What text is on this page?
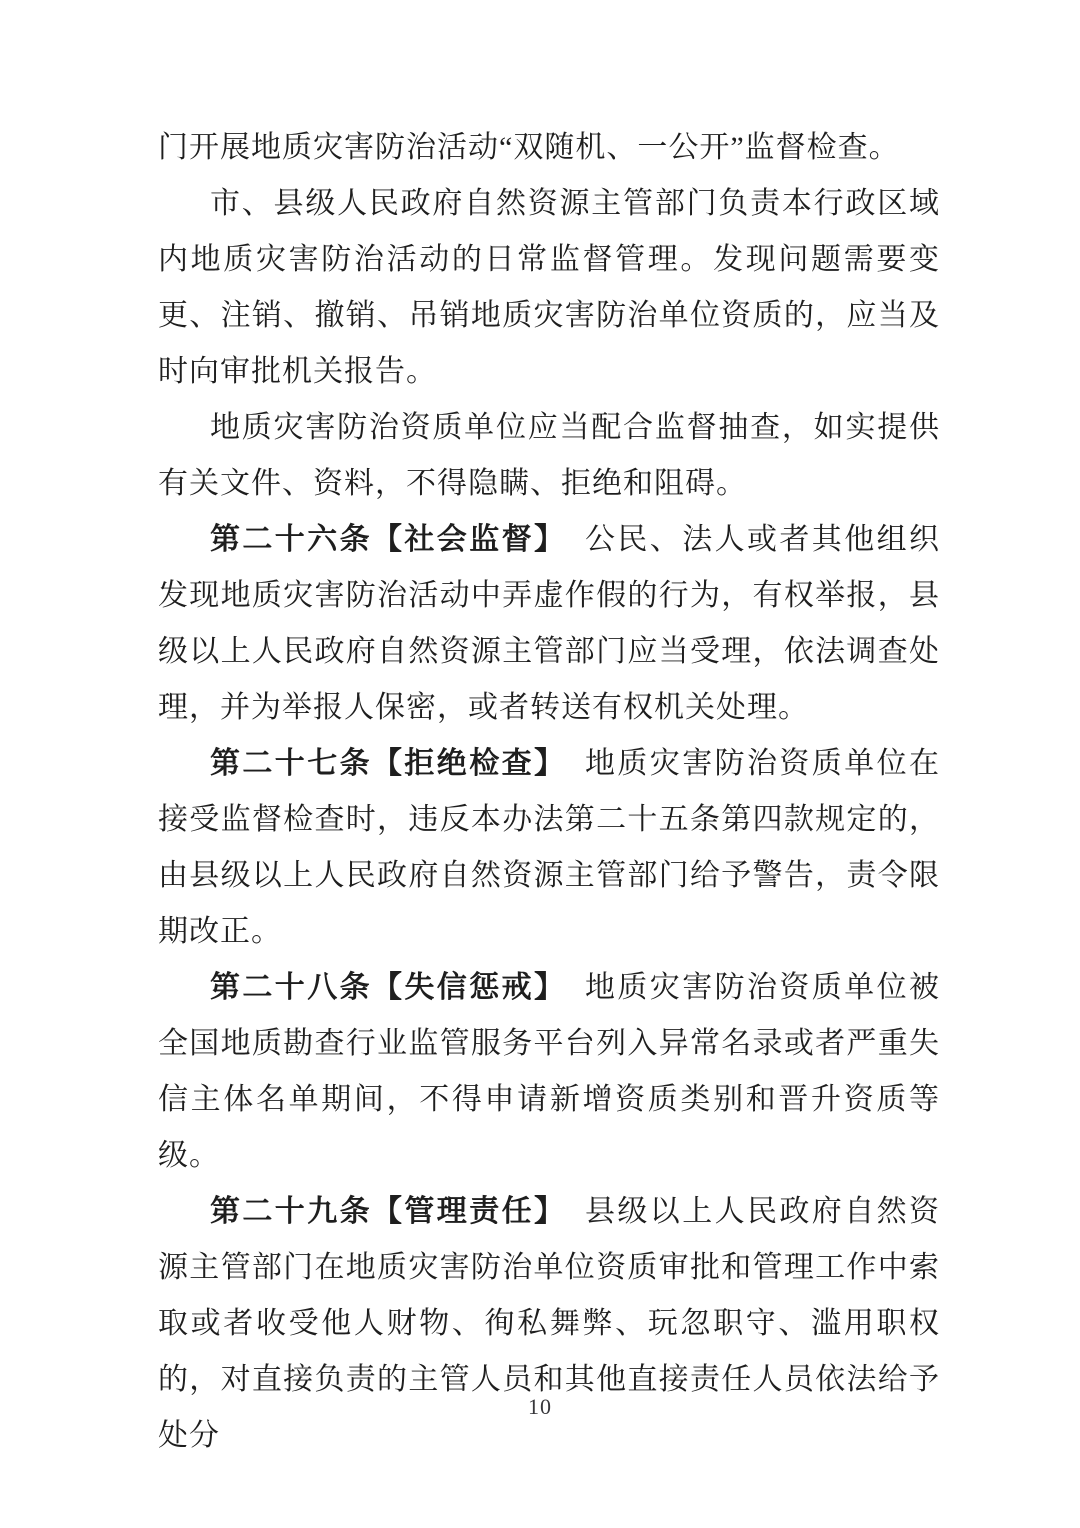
门开展地质灾害防治活动“双随机、一公开”监督检查。

市、县级人民政府自然资源主管部门负责本行政区域内地质灾害防治活动的日常监督管理。发现问题需要变更、注销、撤销、吊销地质灾害防治单位资质的，应当及时向审批机关报告。

地质灾害防治资质单位应当配合监督抽查，如实提供有关文件、资料，不得隐瞒、拒绝和阻碍。

第二十六条【社会监督】 公民、法人或者其他组织发现地质灾害防治活动中弄虚作假的行为，有权举报，县级以上人民政府自然资源主管部门应当受理，依法调查处理，并为举报人保密，或者转送有权机关处理。

第二十七条【拒绝检查】 地质灾害防治资质单位在接受监督检查时，违反本办法第二十五条第四款规定的，由县级以上人民政府自然资源主管部门给予警告，责令限期改正。

第二十八条【失信惩戒】 地质灾害防治资质单位被全国地质勘查行业监管服务平台列入异常名录或者严重失信主体名单期间，不得申请新增资质类别和晋升资质等级。

第二十九条【管理责任】 县级以上人民政府自然资源主管部门在地质灾害防治单位资质审批和管理工作中索取或者收受他人财物、徇私舞弊、玩忽职守、滥用职权的，对直接负责的主管人员和其他直接责任人员依法给予处分

10
